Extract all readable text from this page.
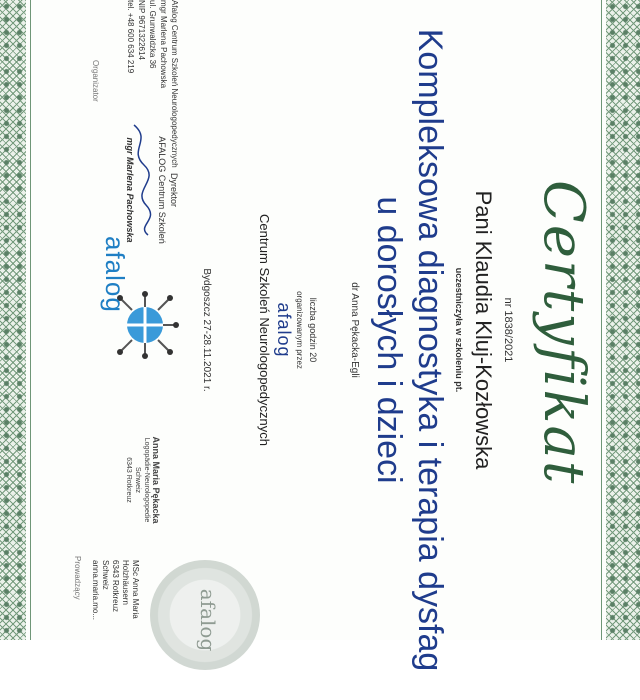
Certyfikat
nr 1838/2021
Pani Klaudia Kluj-Kozłowska
uczestniczyła w szkoleniu pt.
Kompleksowa diagnostyka i terapia dysfag
u dorosłych i dzieci
dr Anna Pękacka-Egli
liczba godzin 20
organizowanym przez
afalog
Centrum Szkoleń Neurologopedycznych
Bydgoszcz 27-28.11.2021 r.
Afalog Centrum Szkoleń Neurologopedycznych
mgr Marlena Pachowska
ul. Grunwaldzka 36
NIP 9671322614
tel. +48 600 634 219
Organizator
Dyrektor
AFALOG Centrum Szkoleń
mgr Marlena Pachowska
afalog
Anna Maria Pękacka
Logopädie-Neurologopedie
Schweiz
6343 Rotkreuz
afalog
MSc Anna Maria
Holzhäusern
6343 Rotkreuz
Schweiz
anna.maria.mo...
Prowadzący
